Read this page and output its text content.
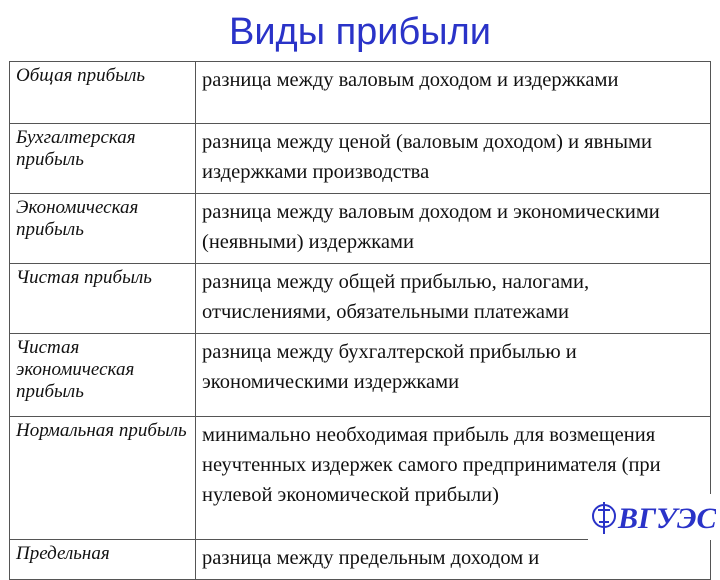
Виды прибыли
Общая прибыль	разница между валовым доходом и издержками
Бухгалтерская прибыль	разница между ценой (валовым доходом) и явными издержками производства
Экономическая прибыль	разница между валовым доходом и экономическими (неявными) издержками
Чистая прибыль	разница между общей прибылью, налогами, отчислениями, обязательными платежами
Чистая экономическая прибыль	разница между бухгалтерской прибылью и экономическими издержками
Нормальная прибыль	минимально необходимая прибыль для возмещения неучтенных издержек самого предпринимателя (при нулевой экономической прибыли)
Предельная	разница между предельным доходом и
ВГУЭС
